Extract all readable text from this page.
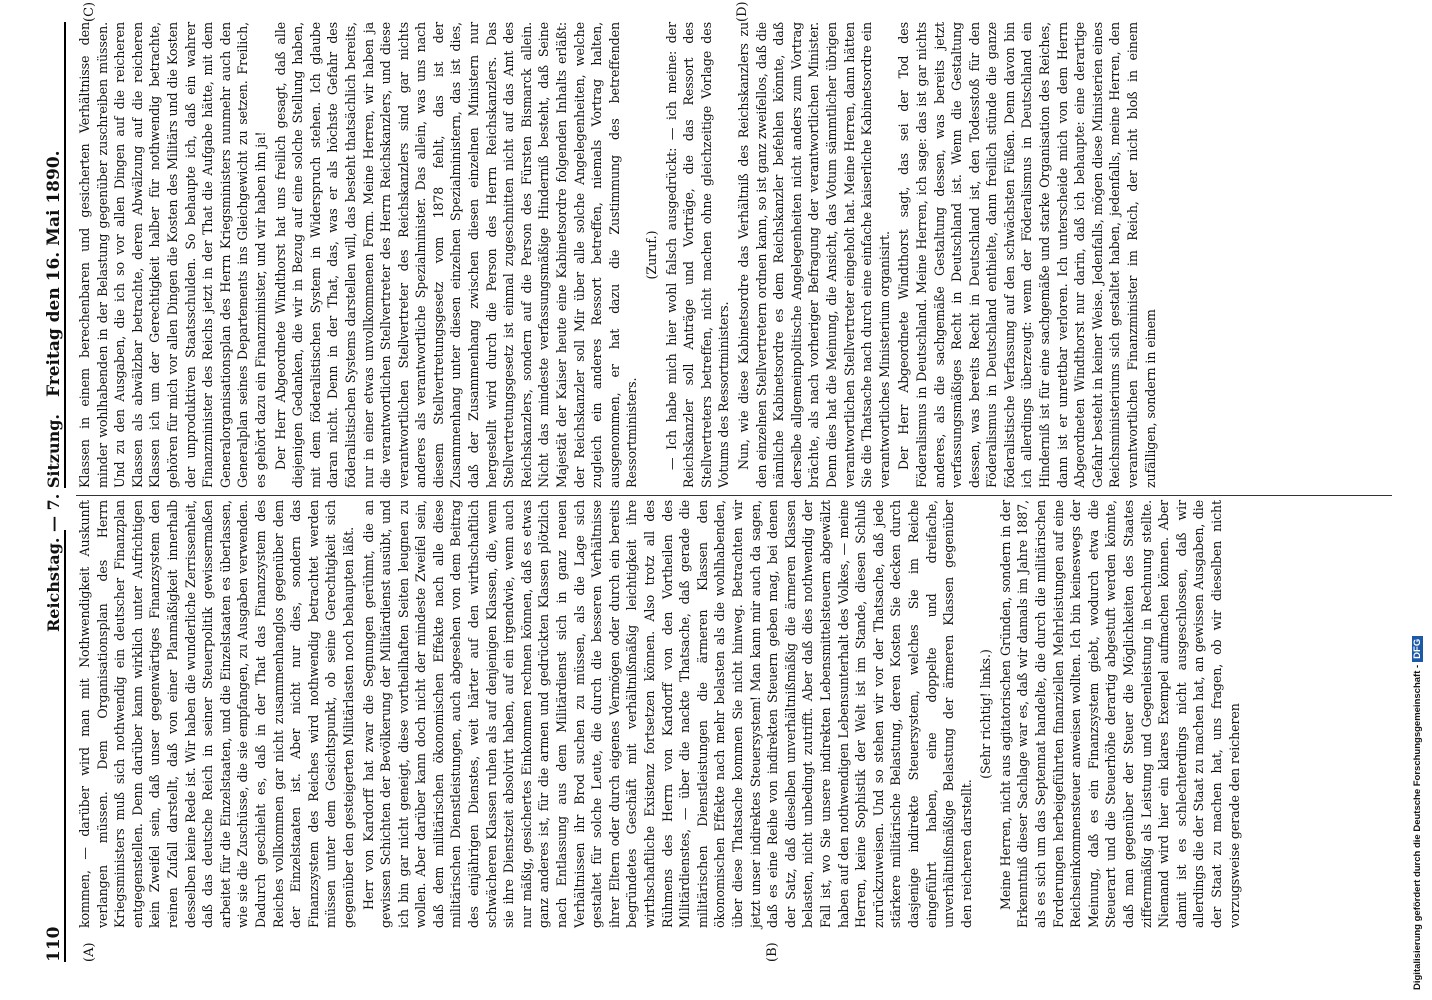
110
Reichstag. — 7. Sitzung.
Freitag den 16. Mai 1890.
(A)	(B)
(C)	(D)

kommen, — darüber wird man mit Nothwendigkeit Auskunft verlangen müssen. Dem Organisationsplan des Herrn Kriegsministers muß sich nothwendig ein deutscher Finanzplan entgegenstellen. Denn darüber kann wirklich unter Aufrichtigen kein Zweifel sein, daß unser gegenwärtiges Finanzsystem den reinen Zufall darstellt, daß von einer Planmäßigkeit innerhalb desselben keine Rede ist. Wir haben die wunderliche Zerrissenheit, daß das deutsche Reich in seiner Steuerpolitik gewissermaßen arbeitet für die Einzelstaaten, und die Einzelstaaten es überlassen, wie sie die Zuschüsse, die sie empfangen, zu Ausgaben verwenden. Dadurch geschieht es, daß in der That das Finanzsystem des Reiches vollkommen gar nicht zusammenhanglos gegenüber dem der Einzelstaaten ist. Aber nicht nur dies, sondern das Finanzsystem des Reiches wird nothwendig betrachtet werden müssen unter dem Gesichtspunkt, ob seine Gerechtigkeit sich gegenüber den gesteigerten Militärlasten noch behaupten läßt. Herr von Kardorff hat zwar die Segnungen gerühmt, die an gewissen Schichten der Bevölkerung der Militärdienst ausübt, und ich bin gar nicht geneigt, diese vortheilhaften Seiten leugnen zu wollen. Aber darüber kann doch nicht der mindeste Zweifel sein, daß dem militärischen ökonomischen Effekte nach alle diese militärischen Dienstleistungen, auch abgesehen von dem Beitrag des einjährigen Dienstes, weit härter auf den wirthschaftlich schwächeren Klassen ruhen als auf denjenigen Klassen, die, wenn sie ihre Dienstzeit absolvirt haben, auf ein irgendwie, wenn auch nur mäßig, gesichertes Einkommen rechnen können, daß es etwas ganz anderes ist, für die armen und gedrückten Klassen plötzlich nach Entlassung aus dem Militärdienst sich in ganz neuen Verhältnissen ihr Brod suchen zu müssen, als die Lage sich gestaltet für solche Leute, die durch die besseren Verhältnisse ihrer Eltern oder durch eigenes Vermögen oder durch ein bereits begründetes Geschäft mit verhältnißmäßig leichtigkeit ihre wirthschaftliche Existenz fortsetzen können. Also trotz all des Rühmens des Herrn von Kardorff von den Vortheilen des Militärdienstes, — über die nackte Thatsache, daß gerade die militärischen Dienstleistungen die ärmeren Klassen den ökonomischen Effekte nach mehr belasten als die wohlhabenden, über diese Thatsache kommen Sie nicht hinweg. Betrachten wir jetzt unser indirektes Steuersystem! Man kann mir auch da sagen, daß es eine Reihe von indirekten Steuern geben mag, bei denen der Satz, daß dieselben unverhältnißmäßig die ärmeren Klassen belasten, nicht unbedingt zutrifft. Aber daß dies nothwendig der Fall ist, wo Sie unsere indirekten Lebensmittelsteuern abgewälzt haben auf den nothwendigen Lebensunterhalt des Volkes, — meine Herren, keine Sophistik der Welt ist im Stande, diesen Schluß zurückzuweisen. Und so stehen wir vor der Thatsache, daß jede stärkere militärische Belastung, deren Kosten Sie decken durch dasjenige indirekte Steuersystem, welches Sie im Reiche eingeführt haben, eine doppelte und dreifache, unverhältnißmäßige Belastung der ärmeren Klassen gegenüber den reicheren darstellt.

(Sehr richtig! links.) Meine Herren, nicht aus agitatorischen Gründen, sondern in der Erkenntniß dieser Sachlage war es, daß wir damals im Jahre 1887, als es sich um das Septennat handelte, die durch die militärischen Forderungen herbeigeführten finanziellen Mehrleistungen auf eine Reichseinkommensteuer anweisen wollten. Ich bin keineswegs der Meinung, daß es ein Finanzsystem giebt, wodurch etwa die Steuerart und die Steuerhöhe derartig abgestuft werden könnte, daß man gegenüber der Steuer die Möglichkeiten des Staates ziffernmäßig als Leistung und Gegenleistung in Rechnung stellte. Niemand wird hier ein klares Exempel aufmachen können. Aber damit ist es schlechterdings nicht ausgeschlossen, daß wir allerdings die der Staat zu machen hat, an gewissen Ausgaben, die der Staat zu machen hat, uns fragen, ob wir dieselben nicht vorzugsweise gerade den reicheren

Klassen in einem berechenbaren und gesicherten Verhältnisse den minder wohlhabenden in der Belastung gegenüber zuschreiben müssen. Und zu den Ausgaben, die ich so vor allen Dingen auf die reicheren Klassen als abwälzbar betrachte, deren Abwälzung auf die reicheren Klassen ich um der Gerechtigkeit halber für nothwendig betrachte, gehören für mich vor allen Dingen die Kosten des Militärs und die Kosten der unproduktiven Staatsschulden. So behaupte ich, daß ein wahrer Finanzminister des Reichs jetzt in der That die Aufgabe hätte, mit dem Generalorganisationsplan des Herrn Kriegsministers nunmehr auch den Generalplan seines Departements ins Gleichgewicht zu setzen. Freilich, es gehört dazu ein Finanzminister, und wir haben ihn ja! Der Herr Abgeordnete Windthorst hat uns freilich gesagt, daß alle diejenigen Gedanken, die wir in Bezug auf eine solche Stellung haben, mit dem föderalistischen System in Widerspruch stehen. Ich glaube daran nicht. Denn in der That, das, was er als höchste Gefahr des föderalistischen Systems darstellen will, das besteht thatsächlich bereits, nur in einer etwas unvollkommenen Form. Meine Herren, wir haben ja die verantwortlichen Stellvertreter des Herrn Reichskanzlers, und diese verantwortlichen Stellvertreter des Reichskanzlers sind gar nichts anderes als verantwortliche Spezialminister. Das allein, was uns nach diesem Stellvertretungsgesetz vom 1878 fehlt, das ist der Zusammenhang unter diesen einzelnen Spezialministern, das ist dies, daß der Zusammenhang zwischen diesen einzelnen Ministern nur hergestellt wird durch die Person des Herrn Reichskanzlers. Das Stellvertretungsgesetz ist einmal zugeschnitten nicht auf das Amt des Reichskanzlers, sondern auf die Person des Fürsten Bismarck allein. Nicht das mindeste verfassungsmäßige Hinderniß besteht, daß Seine Majestät der Kaiser heute eine Kabinetsordre folgenden Inhalts erläßt: der Reichskanzler soll Mir über alle solche Angelegenheiten, welche zugleich ein anderes Ressort betreffen, niemals Vortrag halten, ausgenommen, er hat dazu die Zustimmung des betreffenden Ressortministers.

(Zuruf.) — Ich habe mich hier wohl falsch ausgedrückt: — ich meine: der Reichskanzler soll Anträge und Vorträge, die das Ressort des Stellvertreters betreffen, nicht machen ohne gleichzeitige Vorlage des Votums des Ressortministers. Nun, wie diese Kabinetsordre das Verhältniß des Reichskanzlers zu den einzelnen Stellvertretern ordnen kann, so ist ganz zweifellos, daß die nämliche Kabinetsordre es dem Reichskanzler befehlen könnte, daß derselbe allgemeinpolitische Angelegenheiten nicht anders zum Vortrag brächte, als nach vorheriger Befragung der verantwortlichen Minister. Denn dies hat die Meinung, die Ansicht, das Votum sämmtlicher übrigen verantwortlichen Stellvertreter eingeholt hat. Meine Herren, dann hätten Sie die Thatsache nach durch eine einfache kaiserliche Kabinetsordre ein verantwortliches Ministerium organisirt. Der Herr Abgeordnete Windthorst sagt, das sei der Tod des Föderalismus in Deutschland. Meine Herren, ich sage: das ist gar nichts anderes, als die sachgemäße Gestaltung dessen, was bereits jetzt verfassungsmäßiges Recht in Deutschland ist. Wenn die Gestaltung dessen, was bereits Recht in Deutschland ist, den Todesstoß für den Föderalismus in Deutschland enthielte, dann freilich stünde die ganze föderalistische Verfassung auf den schwächsten Füßen. Denn davon bin ich allerdings überzeugt: wenn der Föderalismus in Deutschland ein Hinderniß ist für eine sachgemäße und starke Organisation des Reiches, dann ist er unrettbar verloren. Ich unterscheide mich von dem Herrn Abgeordneten Windthorst nur darin, daß ich behaupte: eine derartige Gefahr besteht in keiner Weise. Jedenfalls, mögen diese Ministerien eines Reichsministeriums sich gestaltet haben, jedenfalls, meine Herren, den verantwortlichen Finanzminister im Reich, der nicht bloß in einem zufälligen, sondern in einem

Digitalisierung gefördert durch die Deutsche Forschungsgemeinschaft -DFG
